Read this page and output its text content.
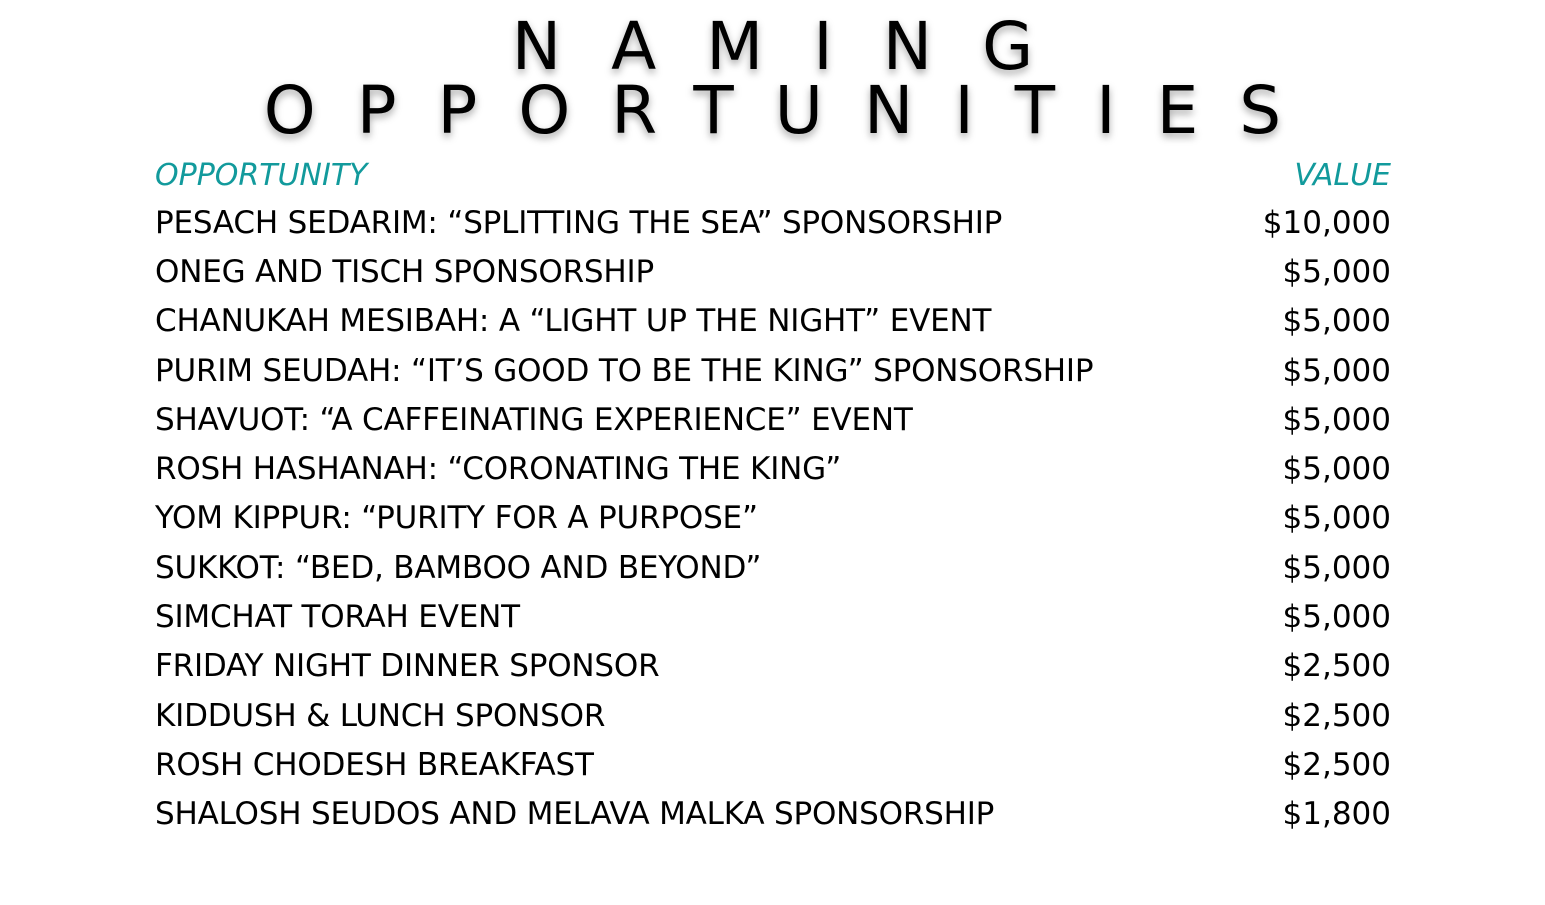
NAMING
OPPORTUNITIES
OPPORTUNITY	VALUE
PESACH SEDARIM: “SPLITTING THE SEA” SPONSORSHIP	$10,000
ONEG AND TISCH SPONSORSHIP	$5,000
CHANUKAH MESIBAH: A “LIGHT UP THE NIGHT” EVENT	$5,000
PURIM SEUDAH: “IT’S GOOD TO BE THE KING” SPONSORSHIP	$5,000
SHAVUOT: “A CAFFEINATING EXPERIENCE” EVENT	$5,000
ROSH HASHANAH: “CORONATING THE KING”	$5,000
YOM KIPPUR: “PURITY FOR A PURPOSE”	$5,000
SUKKOT: “BED, BAMBOO AND BEYOND”	$5,000
SIMCHAT TORAH EVENT	$5,000
FRIDAY NIGHT DINNER SPONSOR	$2,500
KIDDUSH & LUNCH SPONSOR	$2,500
ROSH CHODESH BREAKFAST	$2,500
SHALOSH SEUDOS AND MELAVA MALKA SPONSORSHIP	$1,800
